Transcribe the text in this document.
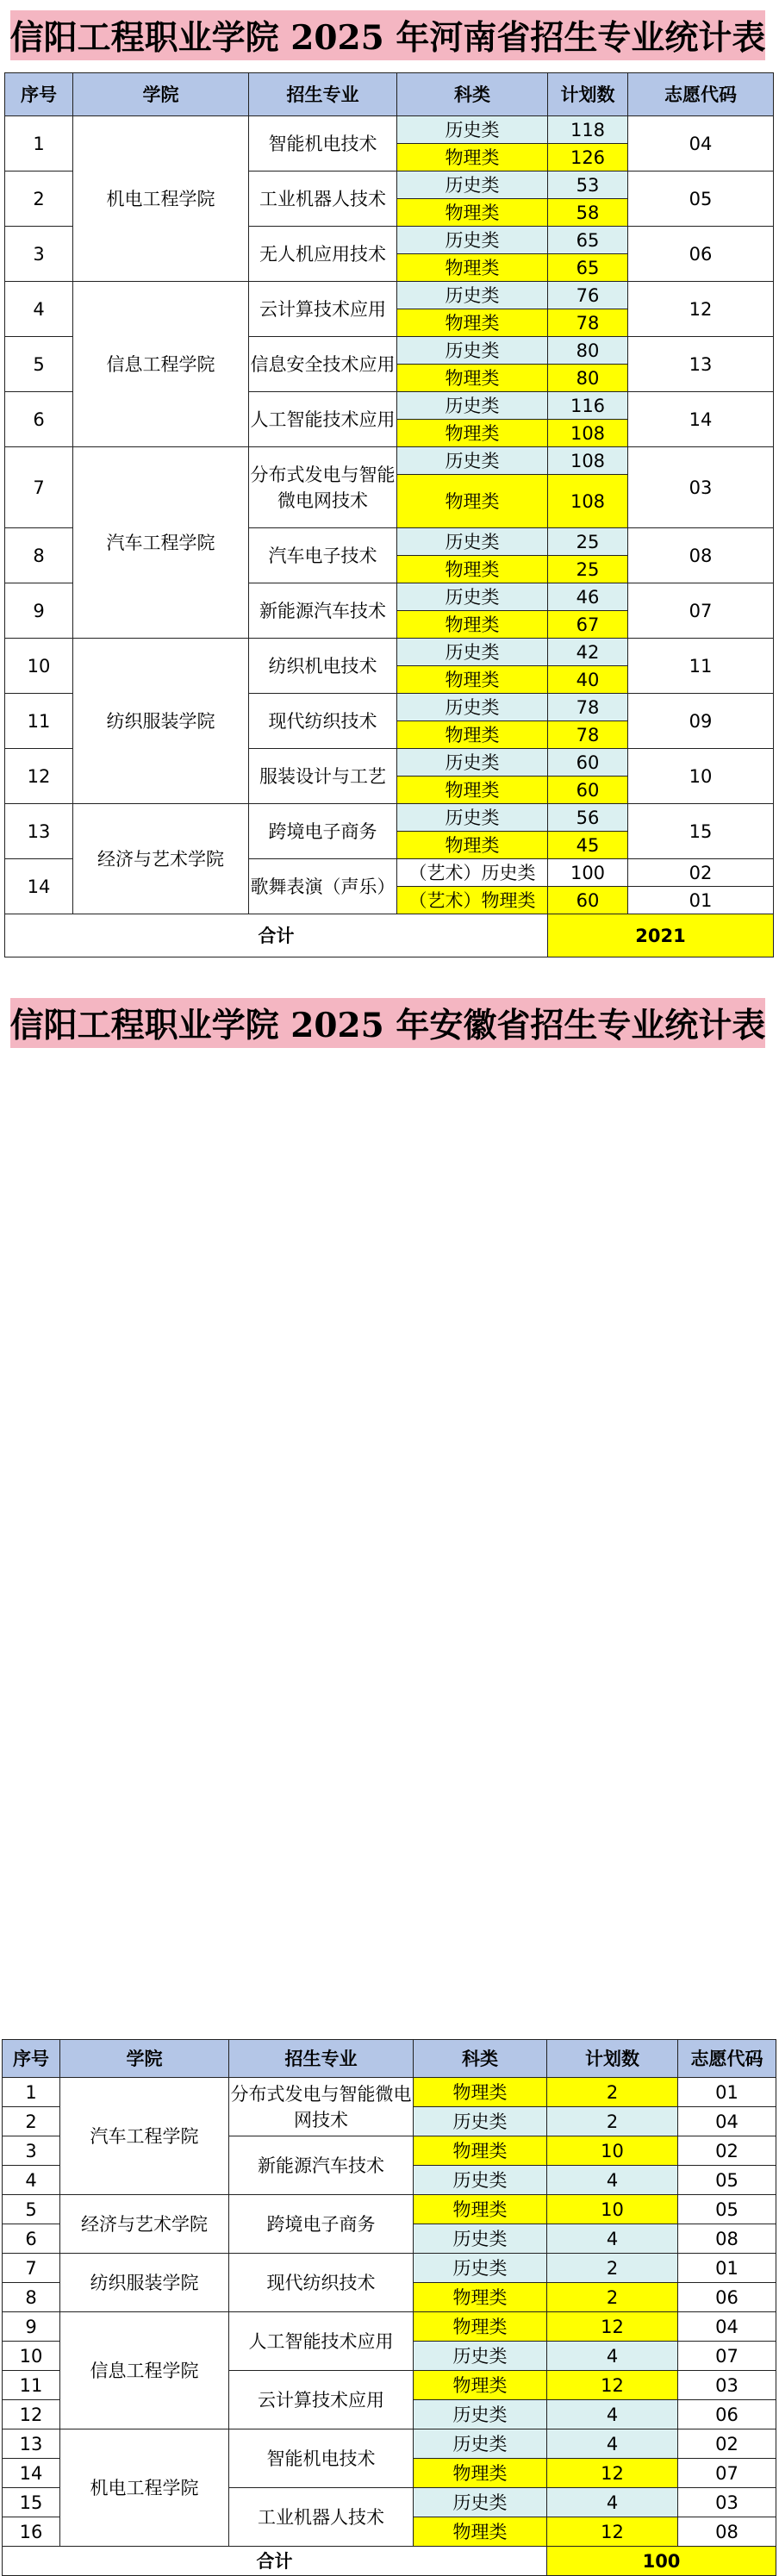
信阳工程职业学院 2025 年河南省招生专业统计表
序号	学院	招生专业	科类	计划数	志愿代码
1	机电工程学院	智能机电技术	历史类	118	04
			物理类	126	
2		工业机器人技术	历史类	53	05
			物理类	58	
3		无人机应用技术	历史类	65	06
			物理类	65	
4	信息工程学院	云计算技术应用	历史类	76	12
			物理类	78	
5		信息安全技术应用	历史类	80	13
			物理类	80	
6		人工智能技术应用	历史类	116	14
			物理类	108	
7	汽车工程学院	分布式发电与智能微电网技术	历史类	108	03
			物理类	108	
8		汽车电子技术	历史类	25	08
			物理类	25	
9		新能源汽车技术	历史类	46	07
			物理类	67	
10	纺织服装学院	纺织机电技术	历史类	42	11
			物理类	40	
11		现代纺织技术	历史类	78	09
			物理类	78	
12		服装设计与工艺	历史类	60	10
			物理类	60	
13	经济与艺术学院	跨境电子商务	历史类	56	15
			物理类	45	
14		歌舞表演（声乐）	（艺术）历史类	100	02
			（艺术）物理类	60	01
合计				2021	
信阳工程职业学院 2025 年安徽省招生专业统计表
序号	学院	招生专业	科类	计划数	志愿代码
1	汽车工程学院	分布式发电与智能微电网技术	物理类	2	01
2			历史类	2	04
3		新能源汽车技术	物理类	10	02
4			历史类	4	05
5	经济与艺术学院	跨境电子商务	物理类	10	05
6			历史类	4	08
7	纺织服装学院	现代纺织技术	历史类	2	01
8			物理类	2	06
9	信息工程学院	人工智能技术应用	物理类	12	04
10			历史类	4	07
11		云计算技术应用	物理类	12	03
12			历史类	4	06
13	机电工程学院	智能机电技术	历史类	4	02
14			物理类	12	07
15		工业机器人技术	历史类	4	03
16			物理类	12	08
合计				100	
